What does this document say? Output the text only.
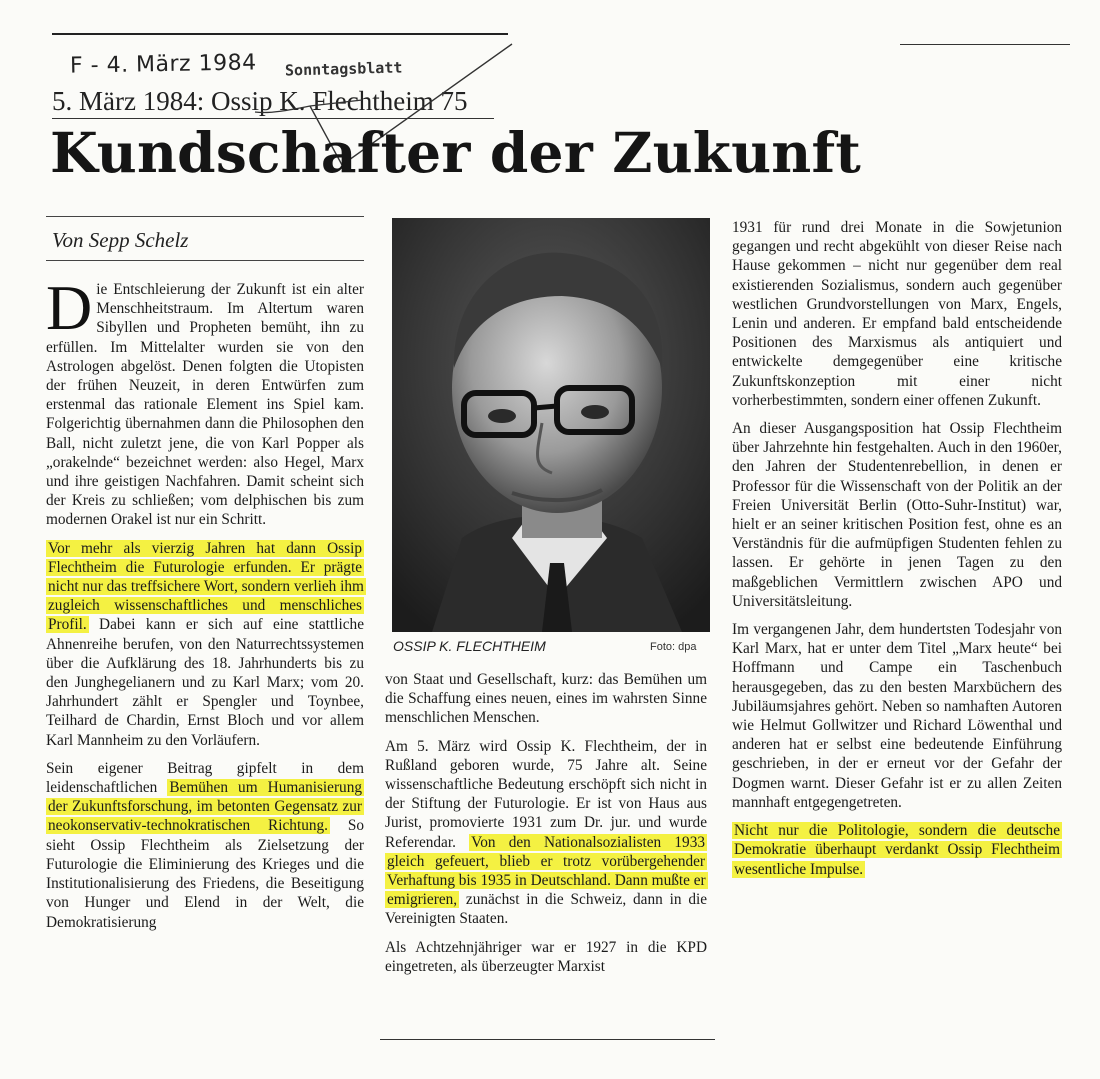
F - 4. März 1984 Sonntagsblatt
5. März 1984: Ossip K. Flechtheim 75
Kundschafter der Zukunft
Von Sepp Schelz

Die Entschleierung der Zukunft ist ein alter Menschheitstraum. Im Altertum waren Sibyllen und Propheten bemüht, ihn zu erfüllen. Im Mittelalter wurden sie von den Astrologen abgelöst. Denen folgten die Utopisten der frühen Neuzeit, in deren Entwürfen zum erstenmal das rationale Element ins Spiel kam. Folgerichtig übernahmen dann die Philosophen den Ball, nicht zuletzt jene, die von Karl Popper als „orakelnde“ bezeichnet werden: also Hegel, Marx und ihre geistigen Nachfahren. Damit scheint sich der Kreis zu schließen; vom delphischen bis zum modernen Orakel ist nur ein Schritt.

Vor mehr als vierzig Jahren hat dann Ossip Flechtheim die Futurologie erfunden. Er prägte nicht nur das treffsichere Wort, sondern verlieh ihm zugleich wissenschaftliches und menschliches Profil. Dabei kann er sich auf eine stattliche Ahnenreihe berufen, von den Naturrechtssystemen über die Aufklärung des 18. Jahrhunderts bis zu den Junghegelianern und zu Karl Marx; vom 20. Jahrhundert zählt er Spengler und Toynbee, Teilhard de Chardin, Ernst Bloch und vor allem Karl Mannheim zu den Vorläufern.

Sein eigener Beitrag gipfelt in dem leidenschaftlichen Bemühen um Humanisierung der Zukunftsforschung, im betonten Gegensatz zur neokonservativ-technokratischen Richtung. So sieht Ossip Flechtheim als Zielsetzung der Futurologie die Eliminierung des Krieges und die Institutionalisierung des Friedens, die Beseitigung von Hunger und Elend in der Welt, die Demokratisierung

OSSIP K. FLECHTHEIM	Foto: dpa

von Staat und Gesellschaft, kurz: das Bemühen um die Schaffung eines neuen, eines im wahrsten Sinne menschlichen Menschen.

Am 5. März wird Ossip K. Flechtheim, der in Rußland geboren wurde, 75 Jahre alt. Seine wissenschaftliche Bedeutung erschöpft sich nicht in der Stiftung der Futurologie. Er ist von Haus aus Jurist, promovierte 1931 zum Dr. jur. und wurde Referendar. Von den Nationalsozialisten 1933 gleich gefeuert, blieb er trotz vorübergehender Verhaftung bis 1935 in Deutschland. Dann mußte er emigrieren, zunächst in die Schweiz, dann in die Vereinigten Staaten.

Als Achtzehnjähriger war er 1927 in die KPD eingetreten, als überzeugter Marxist

1931 für rund drei Monate in die Sowjetunion gegangen und recht abgekühlt von dieser Reise nach Hause gekommen – nicht nur gegenüber dem real existierenden Sozialismus, sondern auch gegenüber westlichen Grundvorstellungen von Marx, Engels, Lenin und anderen. Er empfand bald entscheidende Positionen des Marxismus als antiquiert und entwickelte demgegenüber eine kritische Zukunftskonzeption mit einer nicht vorherbestimmten, sondern einer offenen Zukunft.

An dieser Ausgangsposition hat Ossip Flechtheim über Jahrzehnte hin festgehalten. Auch in den 1960er, den Jahren der Studentenrebellion, in denen er Professor für die Wissenschaft von der Politik an der Freien Universität Berlin (Otto-Suhr-Institut) war, hielt er an seiner kritischen Position fest, ohne es an Verständnis für die aufmüpfigen Studenten fehlen zu lassen. Er gehörte in jenen Tagen zu den maßgeblichen Vermittlern zwischen APO und Universitätsleitung.

Im vergangenen Jahr, dem hundertsten Todesjahr von Karl Marx, hat er unter dem Titel „Marx heute“ bei Hoffmann und Campe ein Taschenbuch herausgegeben, das zu den besten Marxbüchern des Jubiläumsjahres gehört. Neben so namhaften Autoren wie Helmut Gollwitzer und Richard Löwenthal und anderen hat er selbst eine bedeutende Einführung geschrieben, in der er erneut vor der Gefahr der Dogmen warnt. Dieser Gefahr ist er zu allen Zeiten mannhaft entgegengetreten.

Nicht nur die Politologie, sondern die deutsche Demokratie überhaupt verdankt Ossip Flechtheim wesentliche Impulse.
